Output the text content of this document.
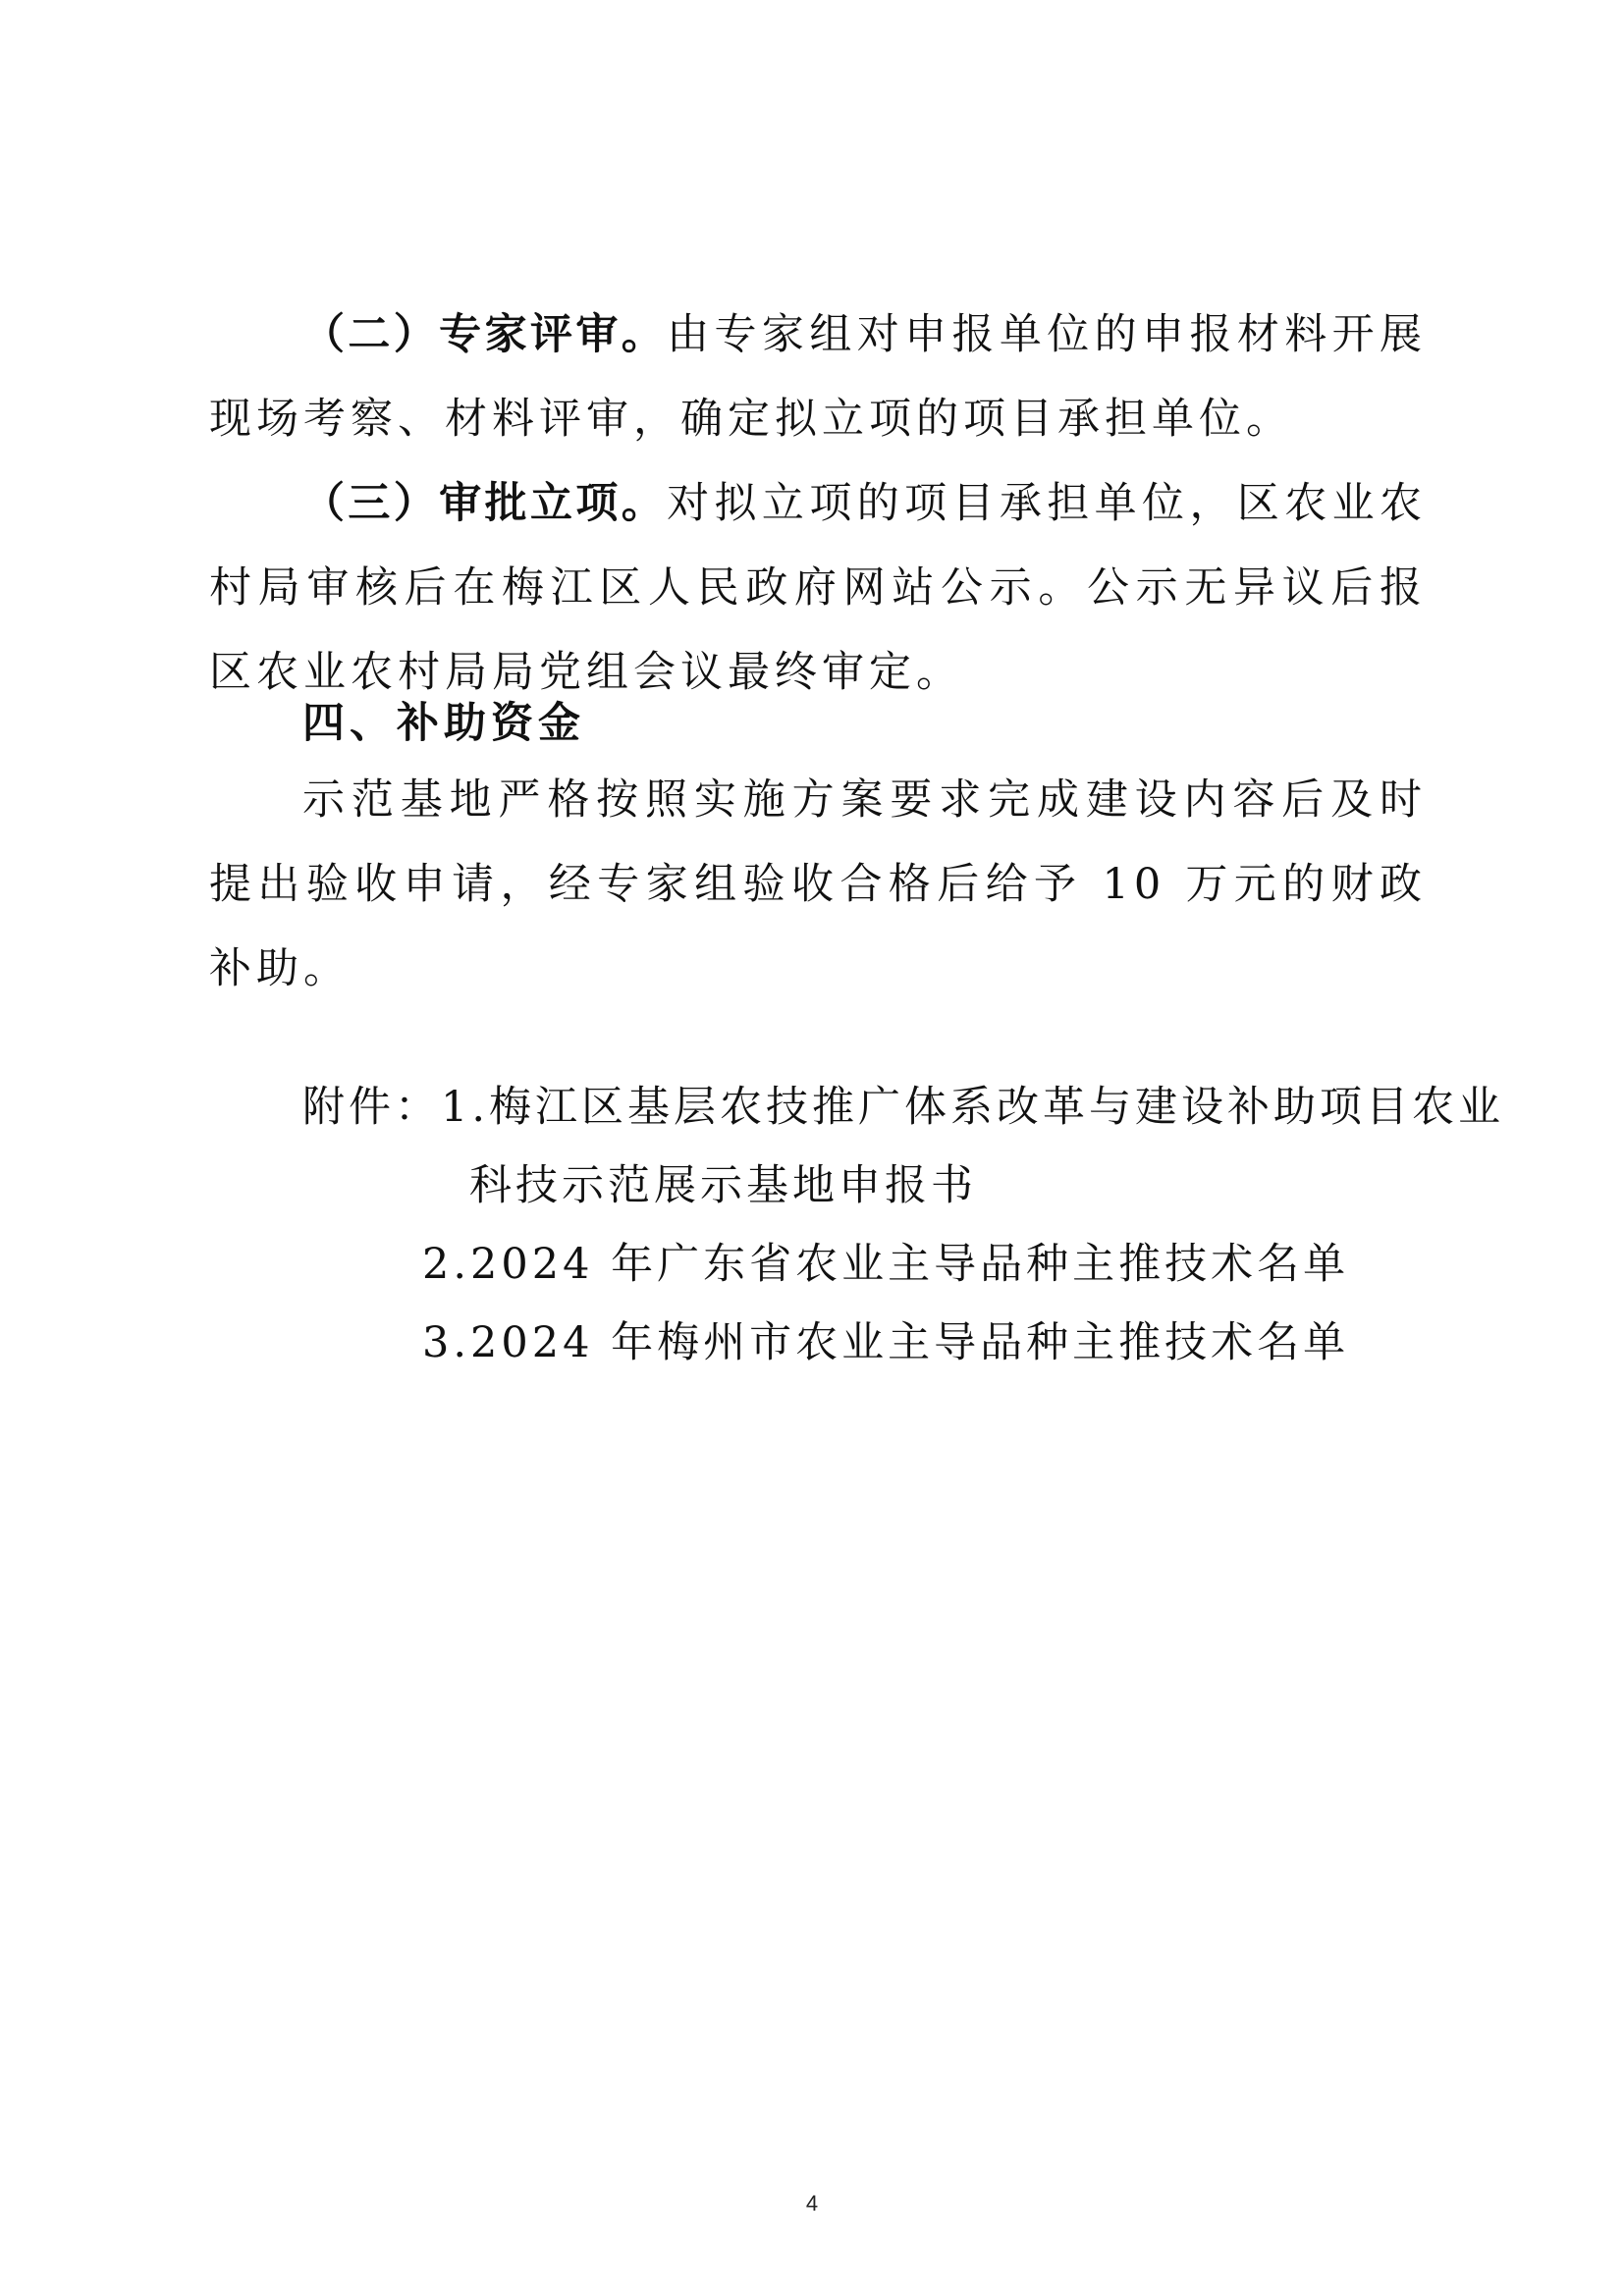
（二）专家评审。由专家组对申报单位的申报材料开展现场考察、材料评审，确定拟立项的项目承担单位。

（三）审批立项。对拟立项的项目承担单位，区农业农村局审核后在梅江区人民政府网站公示。公示无异议后报区农业农村局局党组会议最终审定。

四、补助资金

示范基地严格按照实施方案要求完成建设内容后及时提出验收申请，经专家组验收合格后给予 10 万元的财政补助。

附件：1.梅江区基层农技推广体系改革与建设补助项目农业

科技示范展示基地申报书

2.2024 年广东省农业主导品种主推技术名单

3.2024 年梅州市农业主导品种主推技术名单

4
